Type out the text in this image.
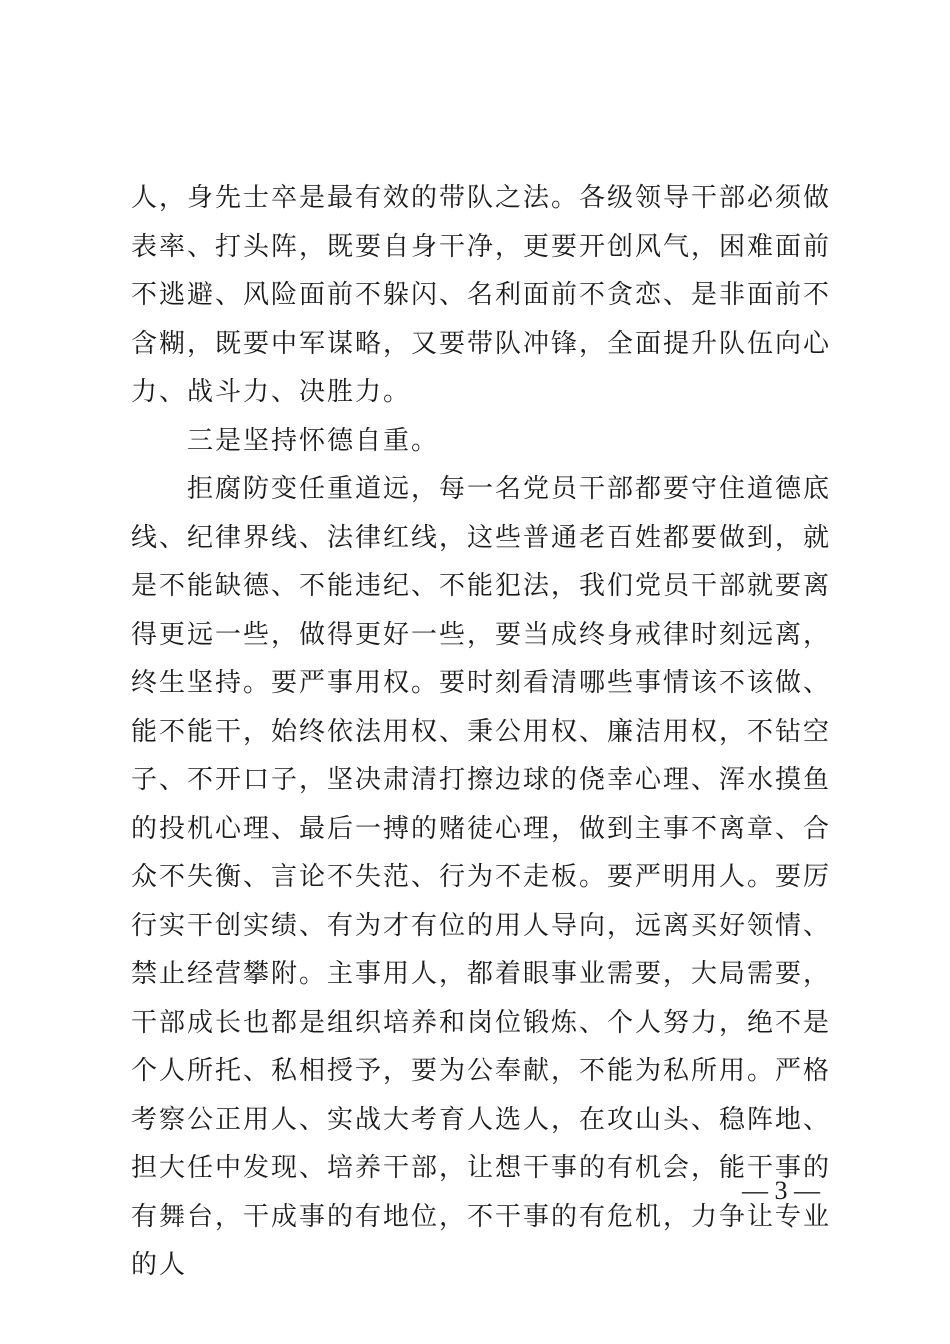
人，身先士卒是最有效的带队之法。各级领导干部必须做表率、打头阵，既要自身干净，更要开创风气，困难面前不逃避、风险面前不躲闪、名利面前不贪恋、是非面前不含糊，既要中军谋略，又要带队冲锋，全面提升队伍向心力、战斗力、决胜力。

三是坚持怀德自重。

拒腐防变任重道远，每一名党员干部都要守住道德底线、纪律界线、法律红线，这些普通老百姓都要做到，就是不能缺德、不能违纪、不能犯法，我们党员干部就要离得更远一些，做得更好一些，要当成终身戒律时刻远离，终生坚持。要严事用权。要时刻看清哪些事情该不该做、能不能干，始终依法用权、秉公用权、廉洁用权，不钻空子、不开口子，坚决肃清打擦边球的侥幸心理、浑水摸鱼的投机心理、最后一搏的赌徒心理，做到主事不离章、合众不失衡、言论不失范、行为不走板。要严明用人。要厉行实干创实绩、有为才有位的用人导向，远离买好领情、禁止经营攀附。主事用人，都着眼事业需要，大局需要，干部成长也都是组织培养和岗位锻炼、个人努力，绝不是个人所托、私相授予，要为公奉献，不能为私所用。严格考察公正用人、实战大考育人选人，在攻山头、稳阵地、担大任中发现、培养干部，让想干事的有机会，能干事的有舞台，干成事的有地位，不干事的有危机，力争让专业的人

— 3 —
